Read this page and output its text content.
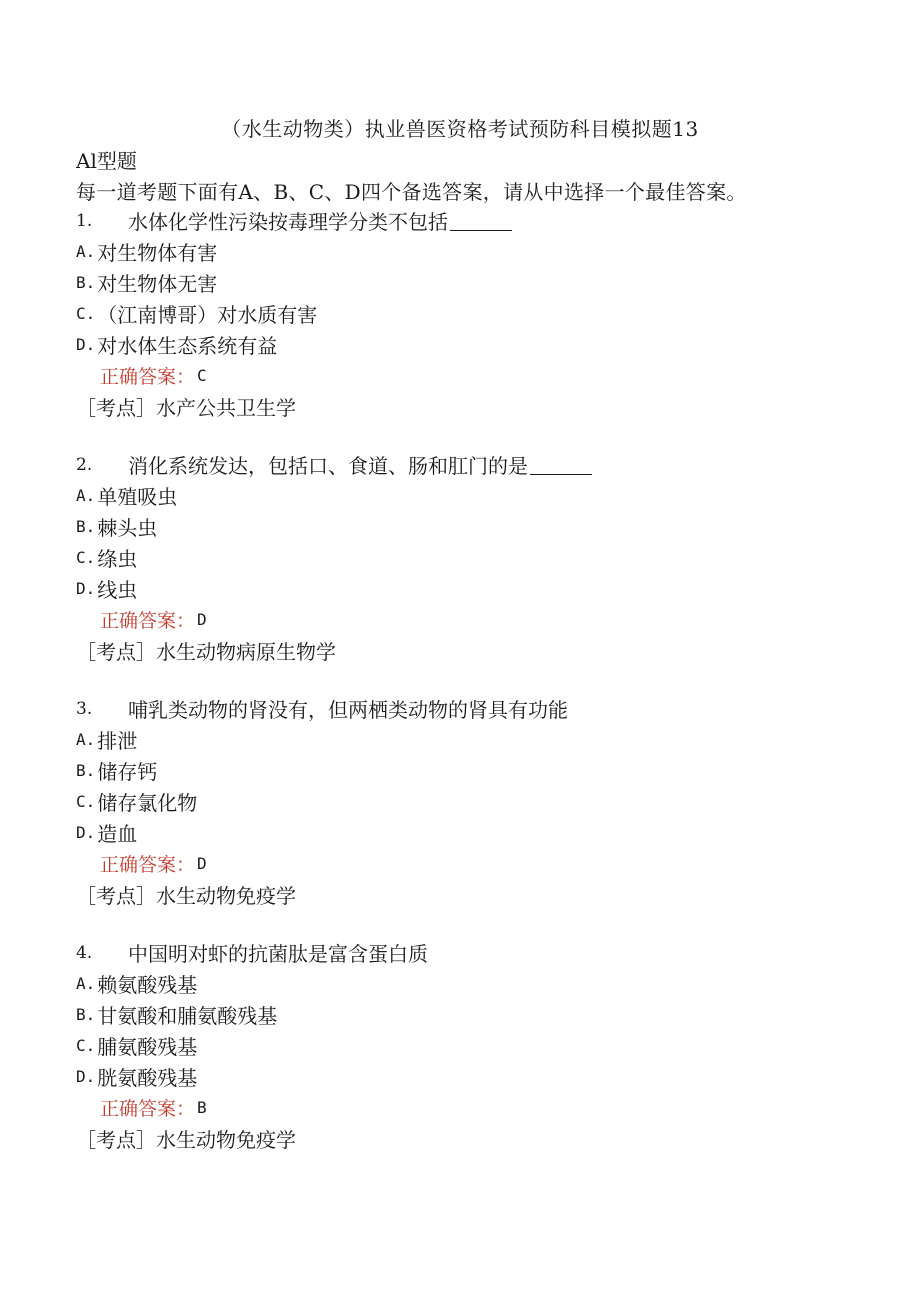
（水生动物类）执业兽医资格考试预防科目模拟题13
Al型题
每一道考题下面有A、B、C、D四个备选答案，请从中选择一个最佳答案。
1.	水体化学性污染按毒理学分类不包括
A. 对生物体有害
B. 对生物体无害
C. （江南博哥）对水质有害
D. 对水体生态系统有益
正确答案： C
［考点］水产公共卫生学
2.	消化系统发达，包括口、食道、肠和肛门的是
A. 单殖吸虫
B. 棘头虫
C. 绦虫
D. 线虫
正确答案： D
［考点］水生动物病原生物学
3.	哺乳类动物的肾没有，但两栖类动物的肾具有功能
A. 排泄
B. 储存钙
C. 储存氯化物
D. 造血
正确答案： D
［考点］水生动物免疫学
4.	中国明对虾的抗菌肽是富含蛋白质
A. 赖氨酸残基
B. 甘氨酸和脯氨酸残基
C. 脯氨酸残基
D. 胱氨酸残基
正确答案： B
［考点］水生动物免疫学
